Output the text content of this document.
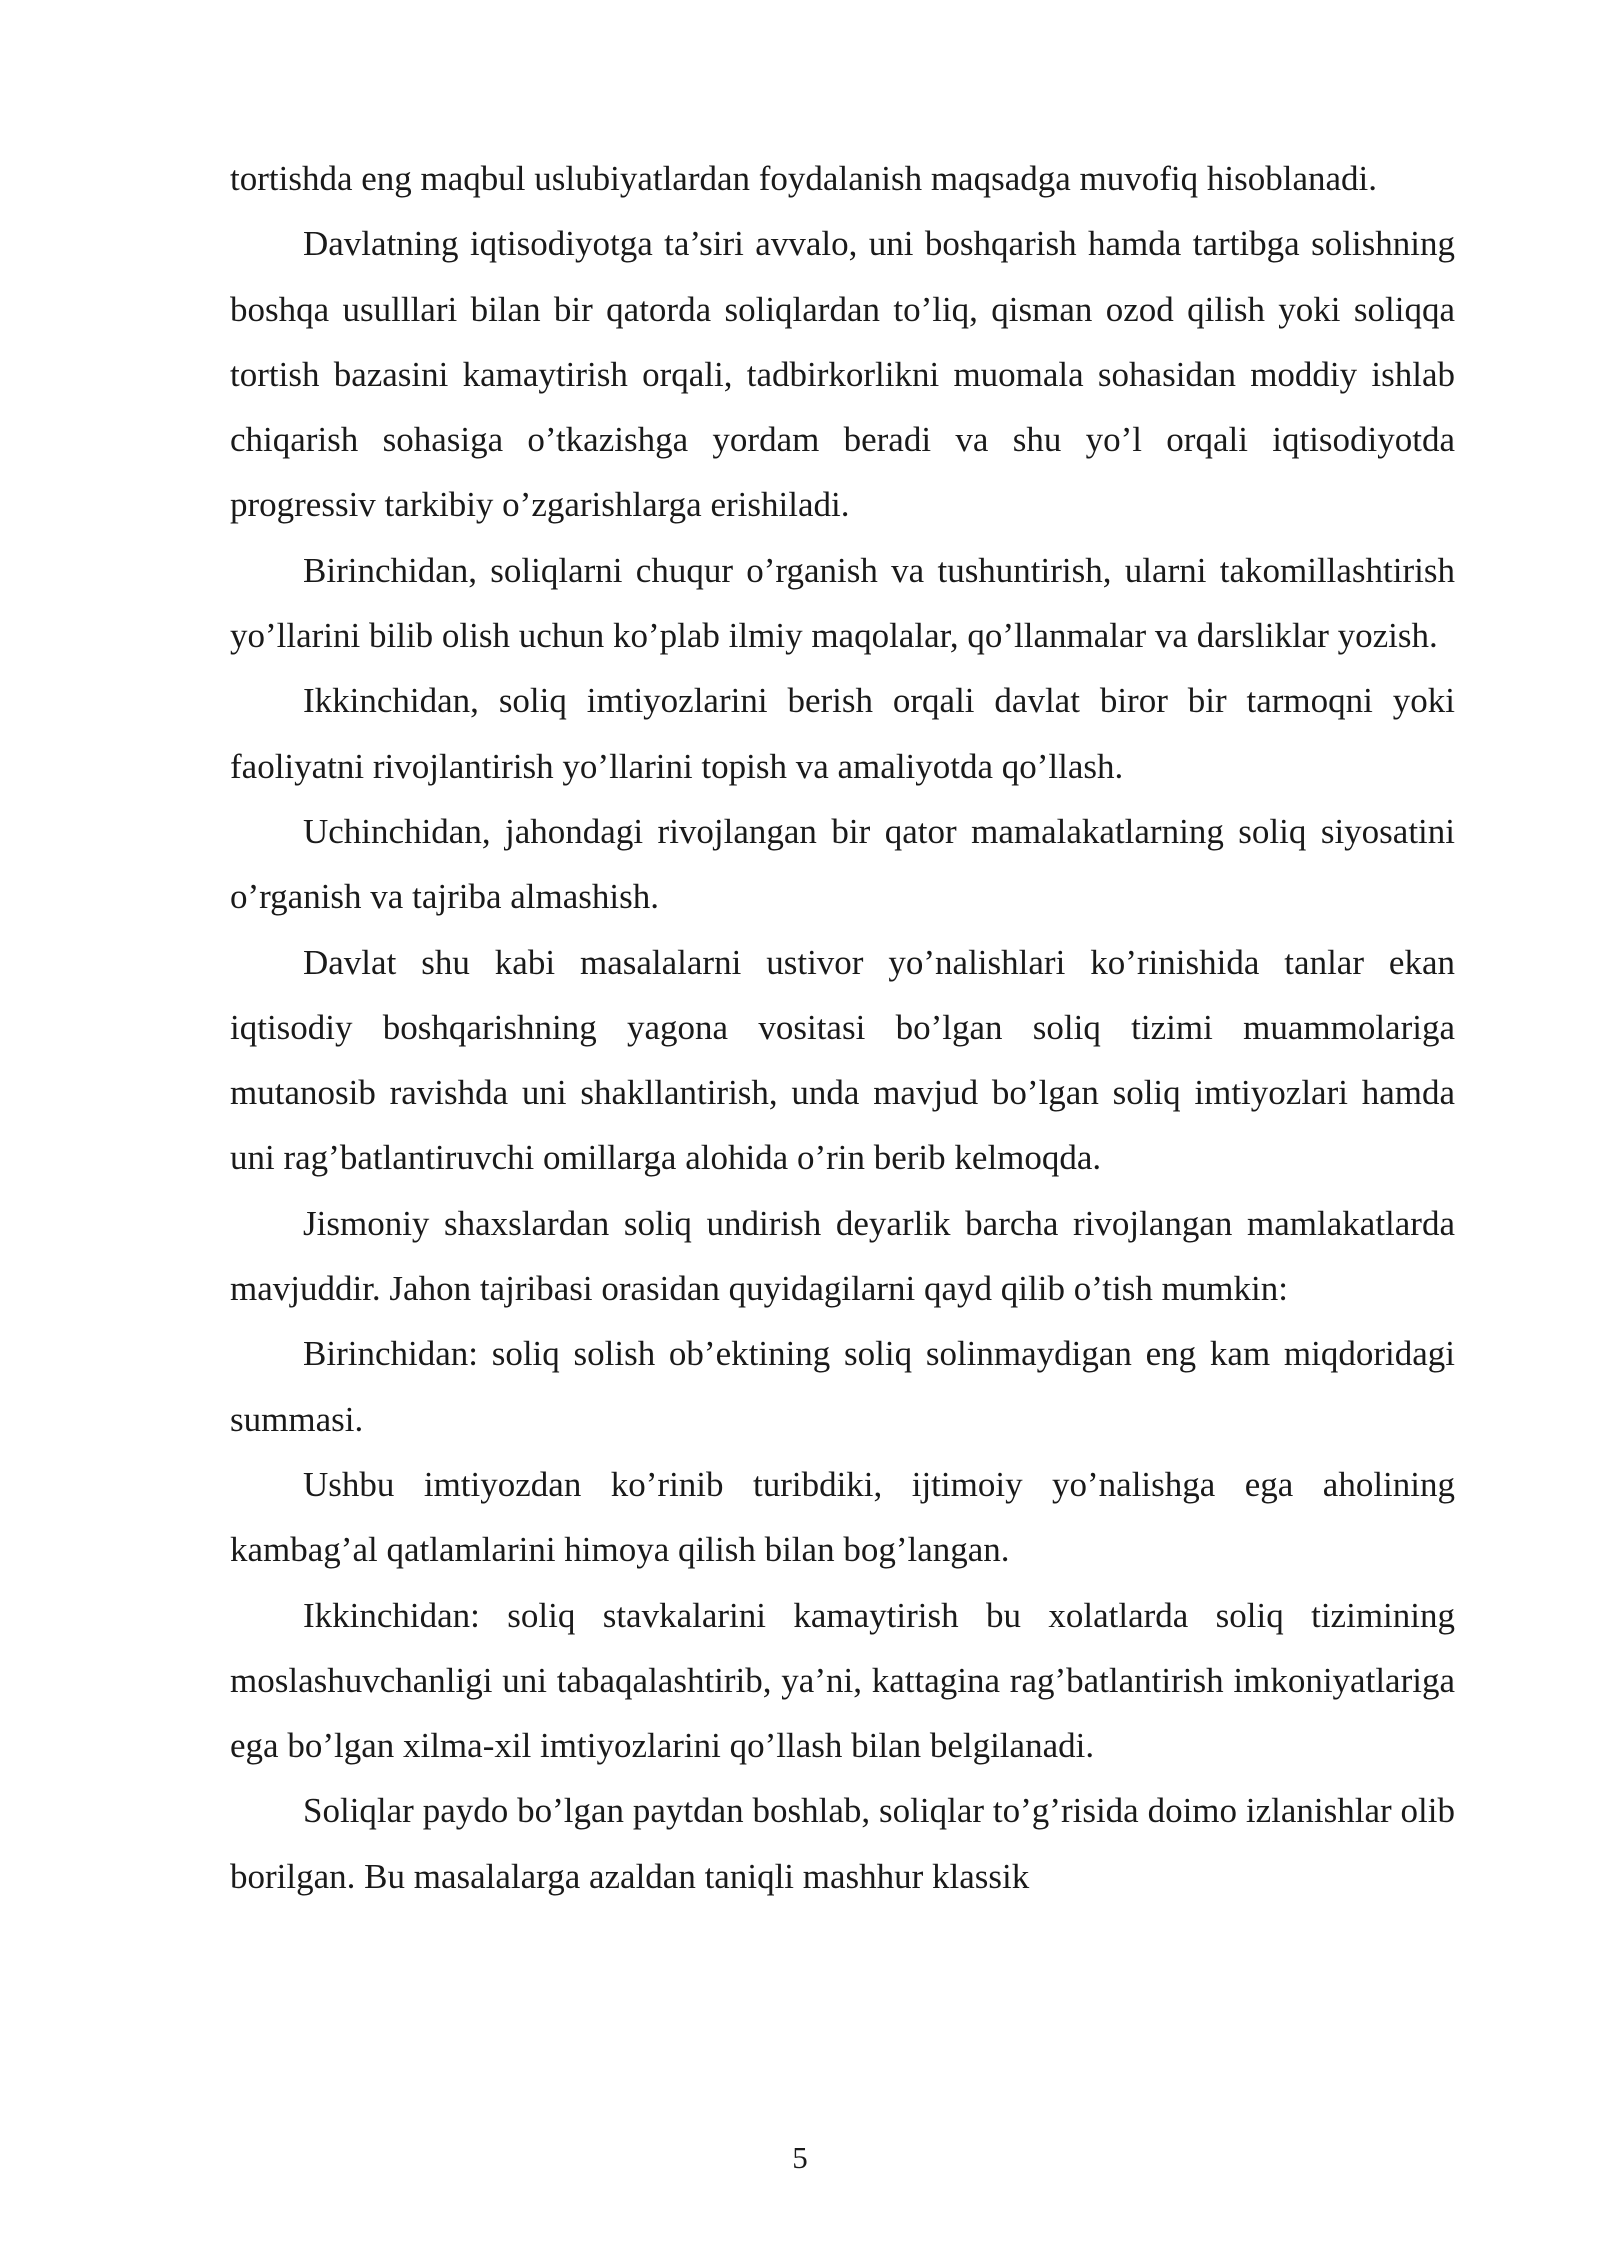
tortishda eng maqbul uslubiyatlardan foydalanish maqsadga muvofiq hisoblanadi.

Davlatning iqtisodiyotga ta’siri avvalo, uni boshqarish hamda tartibga solishning boshqa usulllari bilan bir qatorda soliqlardan to’liq, qisman ozod qilish yoki soliqqa tortish bazasini kamaytirish orqali, tadbirkorlikni muomala sohasidan moddiy ishlab chiqarish sohasiga o’tkazishga yordam beradi va shu yo’l orqali iqtisodiyotda progressiv tarkibiy o’zgarishlarga erishiladi.

Birinchidan, soliqlarni chuqur o’rganish va tushuntirish, ularni takomillashtirish yo’llarini bilib olish uchun ko’plab ilmiy maqolalar, qo’llanmalar va darsliklar yozish.

Ikkinchidan, soliq imtiyozlarini berish orqali davlat biror bir tarmoqni yoki faoliyatni rivojlantirish yo’llarini topish va amaliyotda qo’llash.

Uchinchidan, jahondagi rivojlangan bir qator mamalakatlarning soliq siyosatini o’rganish va tajriba almashish.

Davlat shu kabi masalalarni ustivor yo’nalishlari ko’rinishida tanlar ekan iqtisodiy boshqarishning yagona vositasi bo’lgan soliq tizimi muammolariga mutanosib ravishda uni shakllantirish, unda mavjud bo’lgan soliq imtiyozlari hamda uni rag’batlantiruvchi omillarga alohida o’rin berib kelmoqda.

Jismoniy shaxslardan soliq undirish deyarlik barcha rivojlangan mamlakatlarda mavjuddir. Jahon tajribasi orasidan quyidagilarni qayd qilib o’tish mumkin:

Birinchidan: soliq solish ob’ektining soliq solinmaydigan eng kam miqdoridagi summasi.

Ushbu imtiyozdan ko’rinib turibdiki, ijtimoiy yo’nalishga ega aholining kambag’al qatlamlarini himoya qilish bilan bog’langan.

Ikkinchidan: soliq stavkalarini kamaytirish bu xolatlarda soliq tizimining moslashuvchanligi uni tabaqalashtirib, ya’ni, kattagina rag’batlantirish imkoniyatlariga ega bo’lgan xilma-xil imtiyozlarini qo’llash bilan belgilanadi.

Soliqlar paydo bo’lgan paytdan boshlab, soliqlar to’g’risida doimo izlanishlar olib borilgan. Bu masalalarga azaldan taniqli mashhur klassik

5
